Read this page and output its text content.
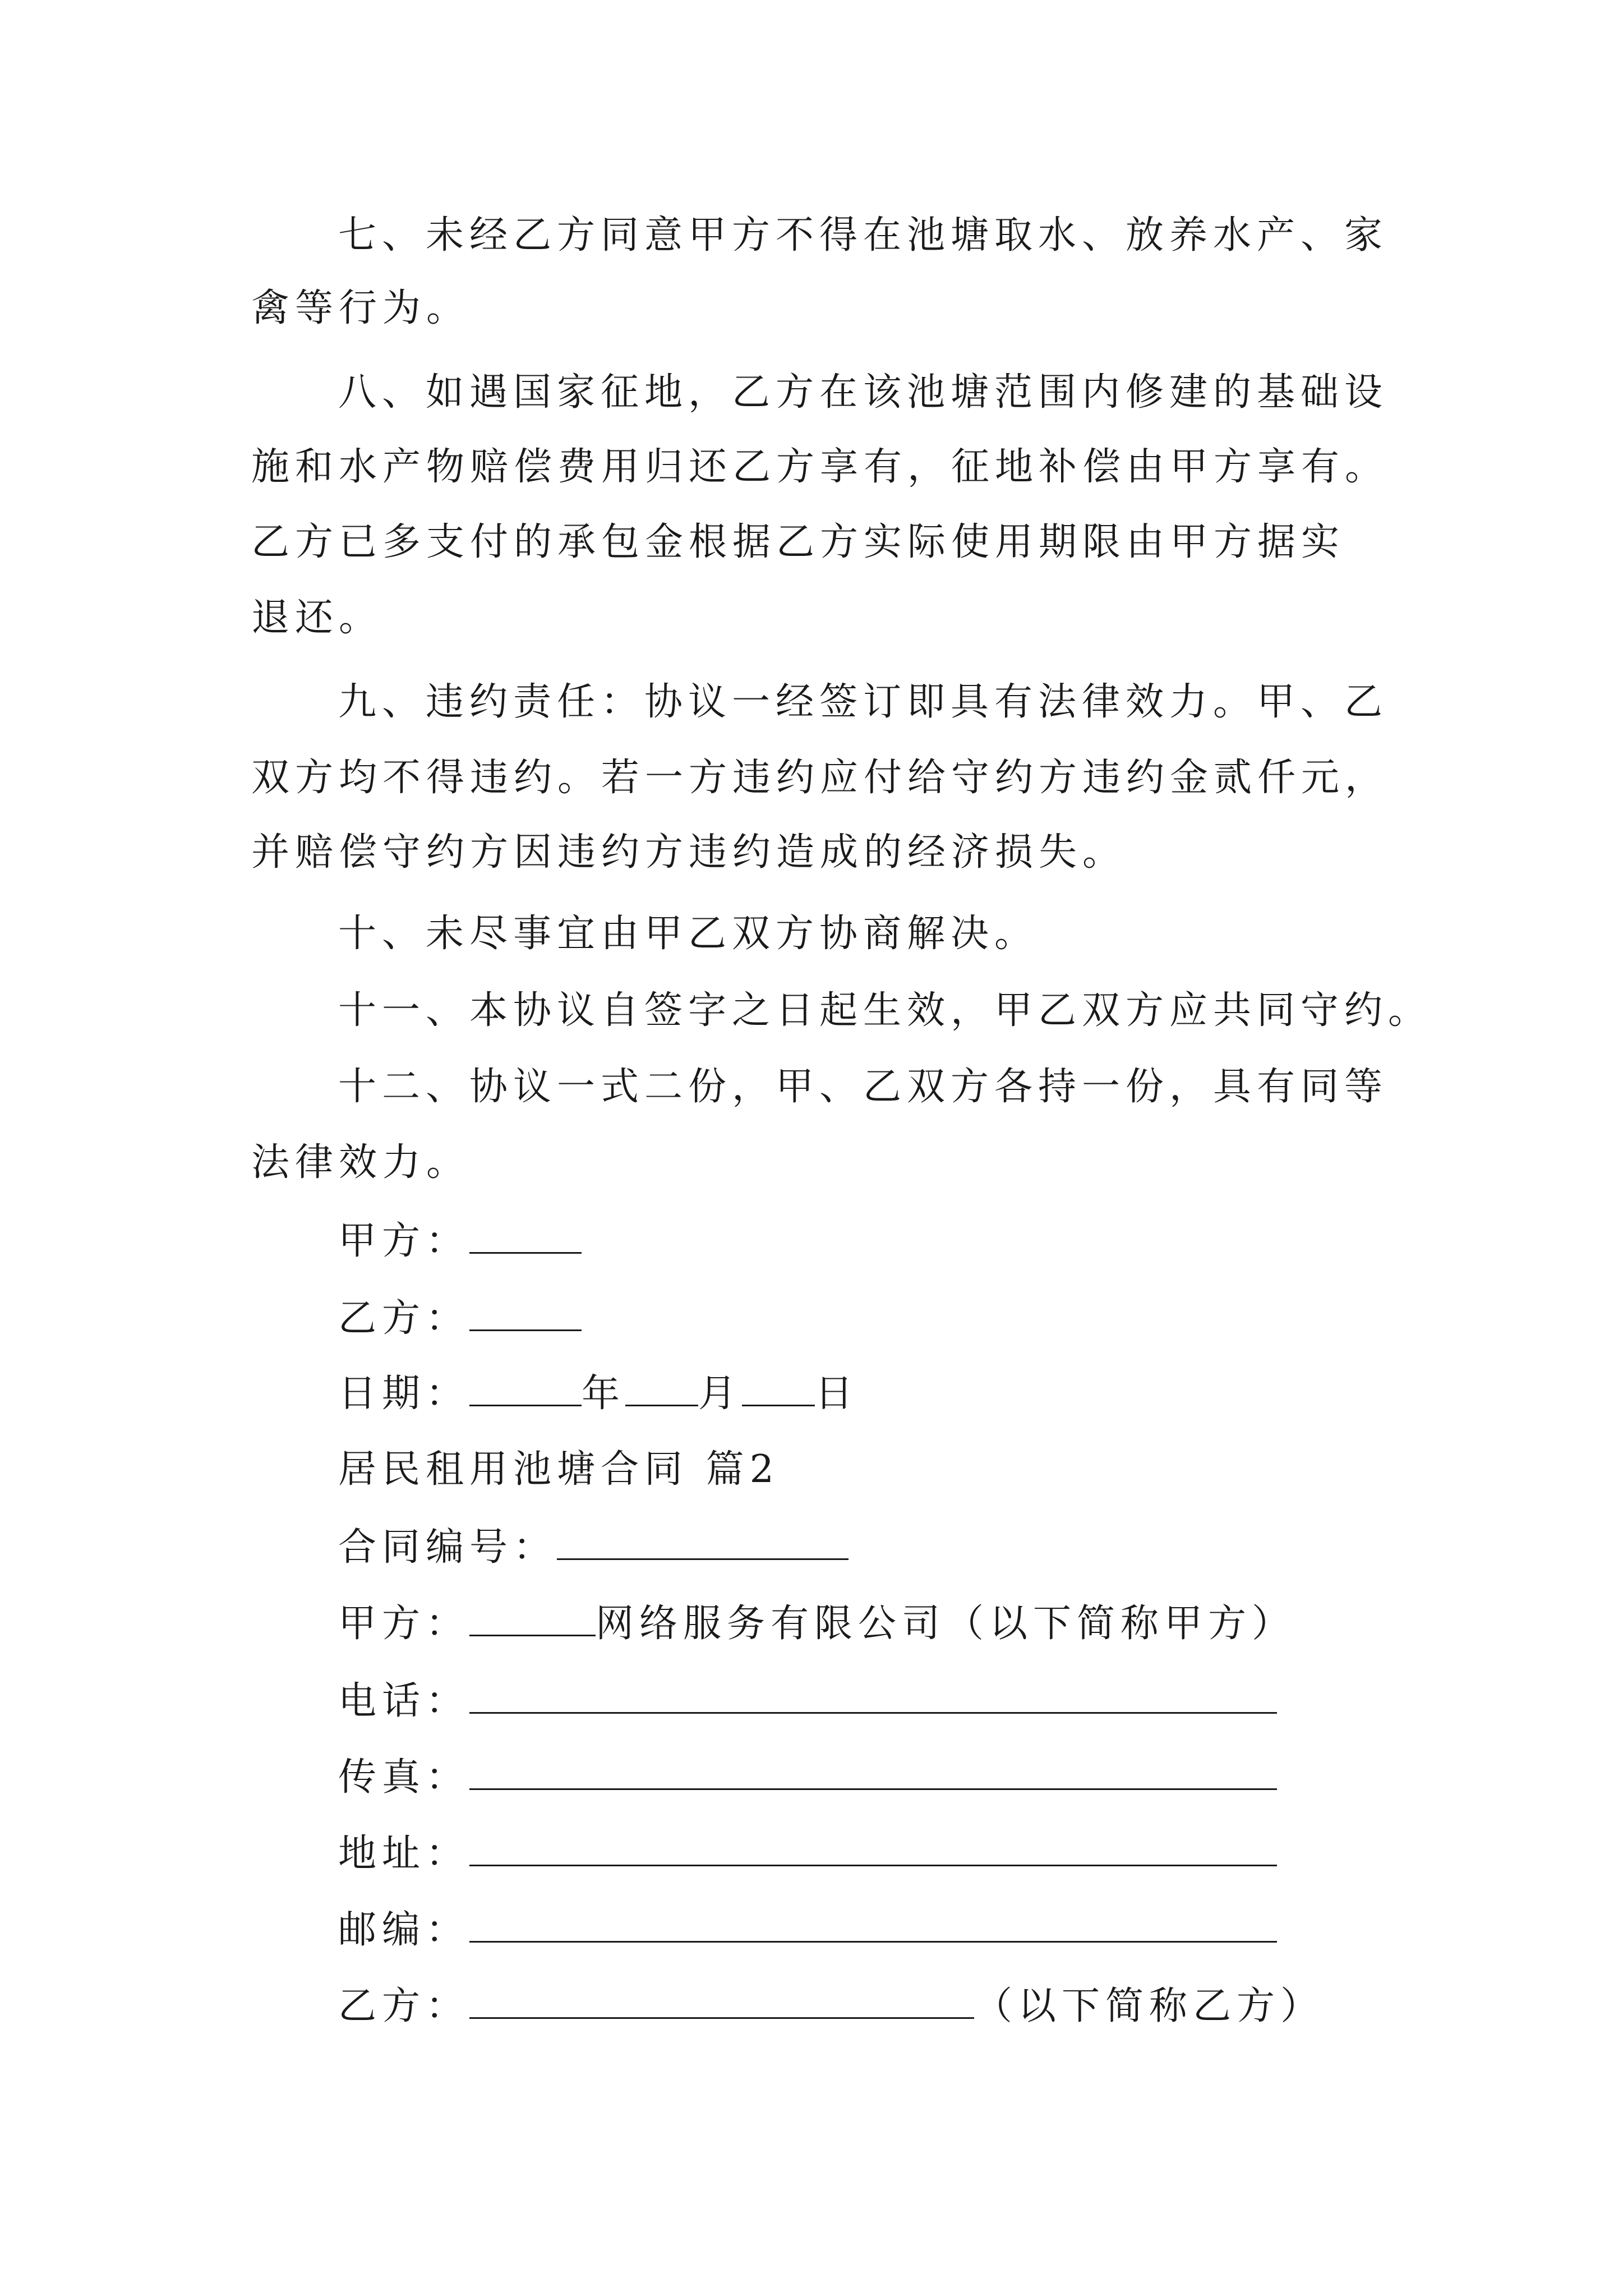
七、未经乙方同意甲方不得在池塘取水、放养水产、家
禽等行为。
八、如遇国家征地，乙方在该池塘范围内修建的基础设
施和水产物赔偿费用归还乙方享有，征地补偿由甲方享有。
乙方已多支付的承包金根据乙方实际使用期限由甲方据实
退还。
九、违约责任：协议一经签订即具有法律效力。甲、乙
双方均不得违约。若一方违约应付给守约方违约金贰仟元，
并赔偿守约方因违约方违约造成的经济损失。
十、未尽事宜由甲乙双方协商解决。
十一、本协议自签字之日起生效，甲乙双方应共同守约。
十二、协议一式二份，甲、乙双方各持一份，具有同等
法律效力。
甲方：
乙方：
日期：	年 月 日
居民租用池塘合同 篇2
合同编号：
甲方：	网络服务有限公司（以下简称甲方）
电话：
传真：
地址：
邮编：
乙方：	（以下简称乙方）
